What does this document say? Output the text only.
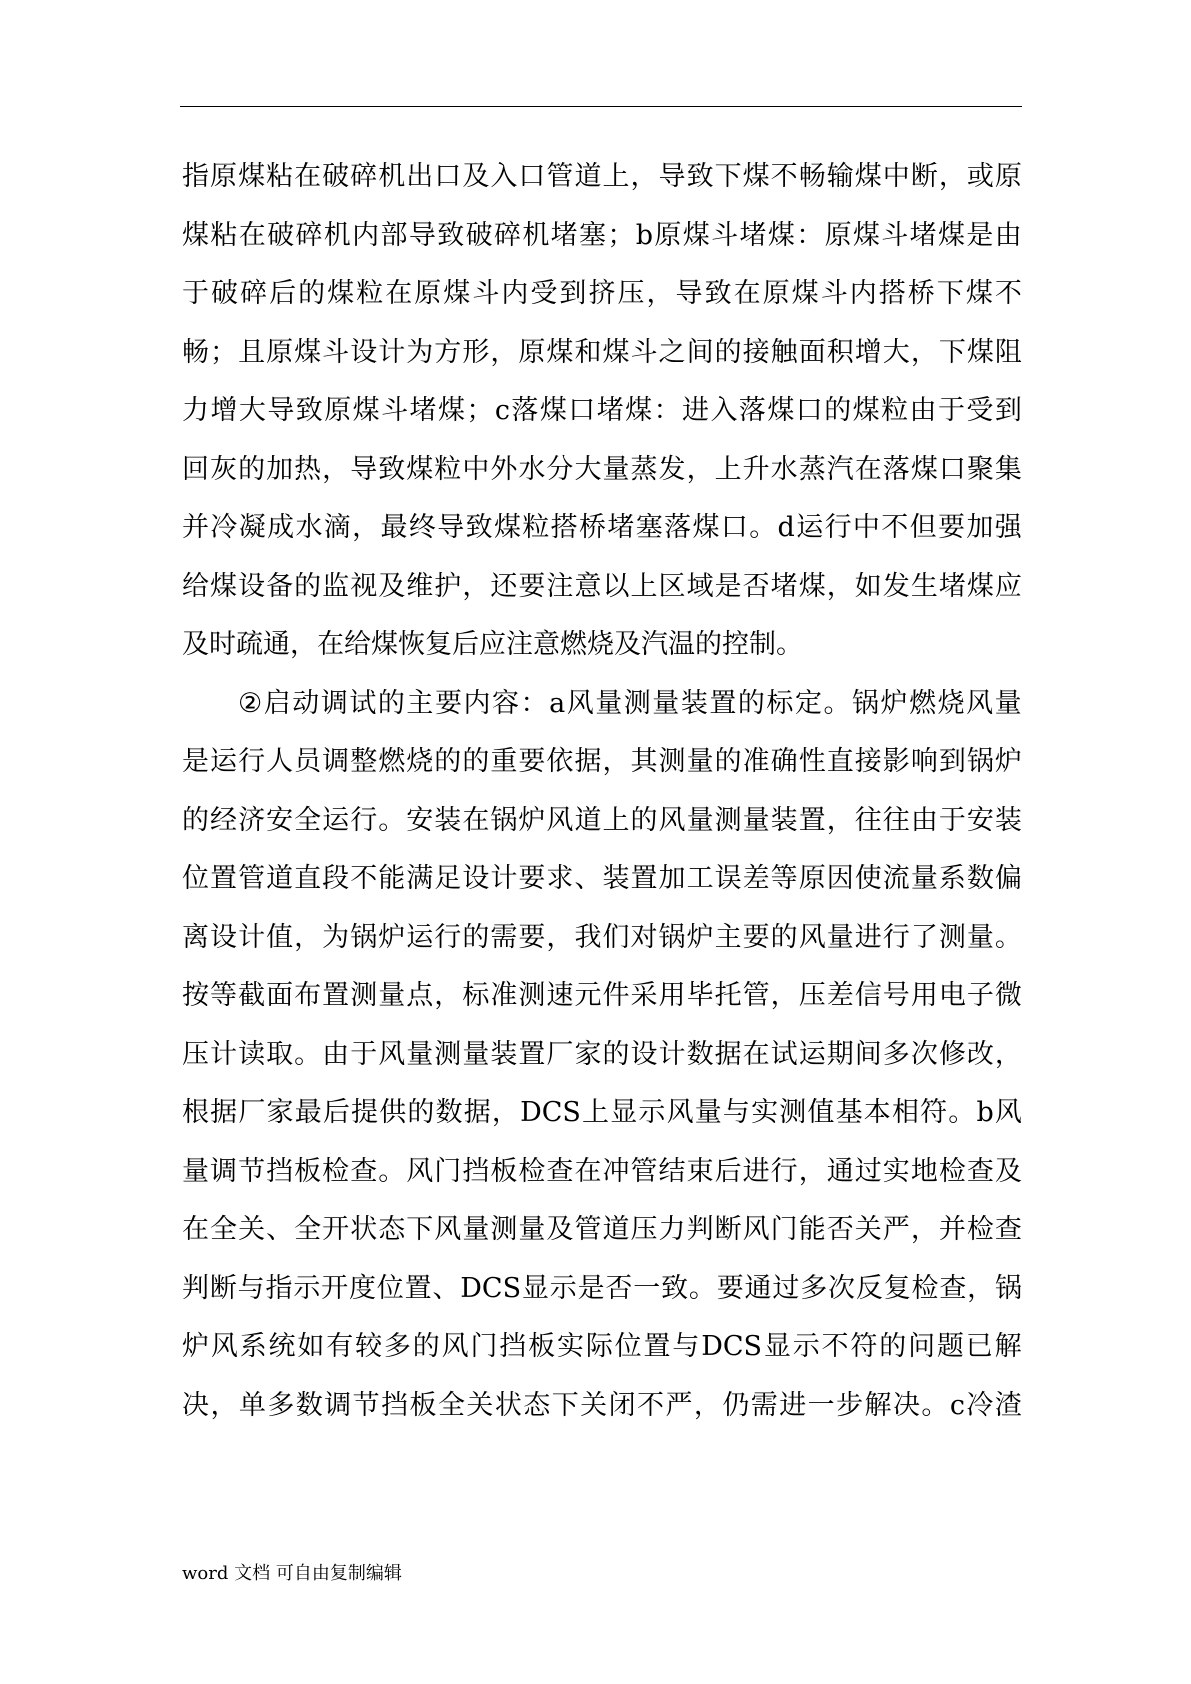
指 原 煤 粘 在 破 碎 机 出 口 及 入 口 管 道 上 ， 导 致 下 煤 不 畅 输 煤 中 断 ， 或 原
煤 粘 在 破 碎 机 内 部 导 致 破 碎 机 堵 塞 ； b 原 煤 斗 堵 煤 ： 原 煤 斗 堵 煤 是 由
于 破 碎 后 的 煤 粒 在 原 煤 斗 内 受 到 挤 压 ， 导 致 在 原 煤 斗 内 搭 桥 下 煤 不
畅 ； 且 原 煤 斗 设 计 为 方 形 ， 原 煤 和 煤 斗 之 间 的 接 触 面 积 增 大 ， 下 煤 阻
力 增 大 导 致 原 煤 斗 堵 煤 ； c 落 煤 口 堵 煤 ： 进 入 落 煤 口 的 煤 粒 由 于 受 到
回 灰 的 加 热 ， 导 致 煤 粒 中 外 水 分 大 量 蒸 发 ， 上 升 水 蒸 汽 在 落 煤 口 聚 集
并 冷 凝 成 水 滴 ， 最 终 导 致 煤 粒 搭 桥 堵 塞 落 煤 口 。 d 运 行 中 不 但 要 加 强
给 煤 设 备 的 监 视 及 维 护 ， 还 要 注 意 以 上 区 域 是 否 堵 煤 ， 如 发 生 堵 煤 应
及 时 疏 通 ， 在 给 煤 恢 复 后 应 注 意 燃 烧 及 汽 温 的 控 制 。
② 启 动 调 试 的 主 要 内 容 ： a 风 量 测 量 装 置 的 标 定 。 锅 炉 燃 烧 风 量
是 运 行 人 员 调 整 燃 烧 的 的 重 要 依 据 ， 其 测 量 的 准 确 性 直 接 影 响 到 锅 炉
的 经 济 安 全 运 行 。 安 装 在 锅 炉 风 道 上 的 风 量 测 量 装 置 ， 往 往 由 于 安 装
位 置 管 道 直 段 不 能 满 足 设 计 要 求 、 装 置 加 工 误 差 等 原 因 使 流 量 系 数 偏
离 设 计 值 ， 为 锅 炉 运 行 的 需 要 ， 我 们 对 锅 炉 主 要 的 风 量 进 行 了 测 量 。
按 等 截 面 布 置 测 量 点 ， 标 准 测 速 元 件 采 用 毕 托 管 ， 压 差 信 号 用 电 子 微
压 计 读 取 。 由 于 风 量 测 量 装 置 厂 家 的 设 计 数 据 在 试 运 期 间 多 次 修 改 ，
根 据 厂 家 最 后 提 供 的 数 据 ， DCS 上 显 示 风 量 与 实 测 值 基 本 相 符 。 b 风
量 调 节 挡 板 检 查 。 风 门 挡 板 检 查 在 冲 管 结 束 后 进 行 ， 通 过 实 地 检 查 及
在 全 关 、 全 开 状 态 下 风 量 测 量 及 管 道 压 力 判 断 风 门 能 否 关 严 ， 并 检 查
判 断 与 指 示 开 度 位 置 、 DCS 显 示 是 否 一 致 。 要 通 过 多 次 反 复 检 查 ， 锅
炉 风 系 统 如 有 较 多 的 风 门 挡 板 实 际 位 置 与 DCS 显 示 不 符 的 问 题 已 解
决 ， 单 多 数 调 节 挡 板 全 关 状 态 下 关 闭 不 严 ， 仍 需 进 一 步 解 决 。 c 冷 渣
word 文档 可自由复制编辑
